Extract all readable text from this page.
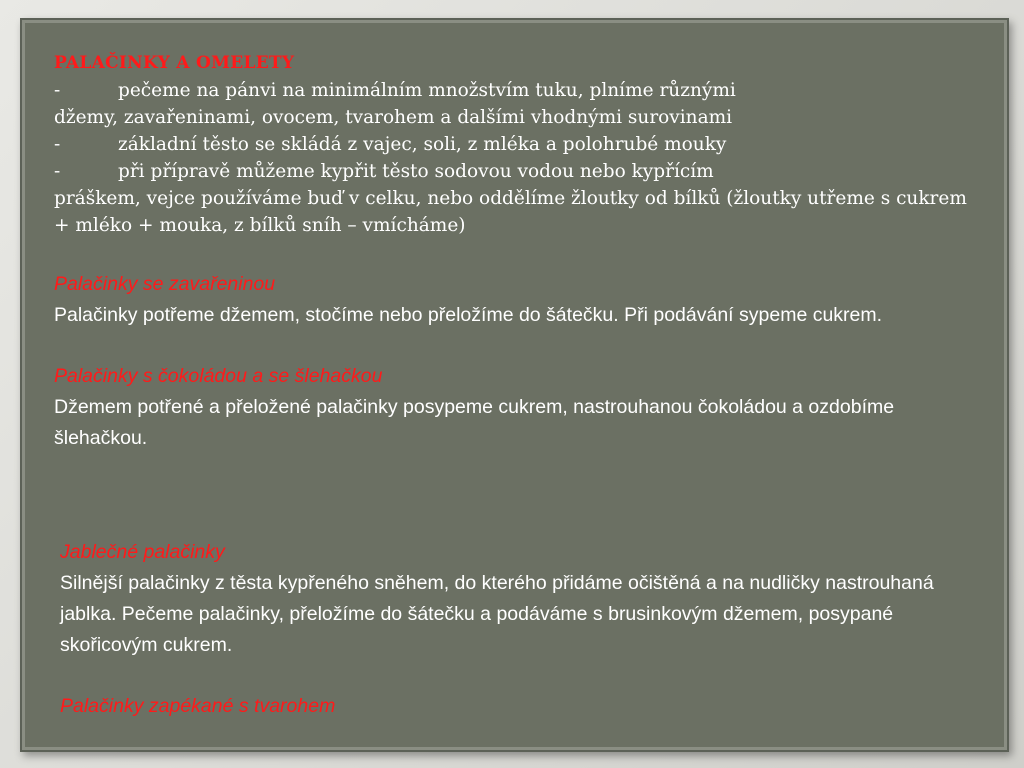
PALAČINKY A OMELETY
-	pečeme na pánvi na minimálním množstvím tuku, plníme různými
džemy, zavařeninami, ovocem, tvarohem a dalšími vhodnými surovinami
-	základní těsto se skládá z vajec, soli, z mléka a polohrubé mouky
-	při přípravě můžeme kypřit těsto sodovou vodou nebo kypřícím
práškem, vejce používáme buď v celku, nebo oddělíme žloutky od bílků (žloutky utřeme s cukrem + mléko + mouka, z bílků sníh – vmícháme)
Palačinky se zavařeninou
Palačinky potřeme džemem, stočíme nebo přeložíme do šátečku. Při podávání sypeme cukrem.
Palačinky s čokoládou a se šlehačkou
Džemem potřené a přeložené palačinky posypeme cukrem, nastrouhanou čokoládou a ozdobíme šlehačkou.
Jablečné palačinky
Silnější palačinky z těsta kypřeného sněhem, do kterého přidáme očištěná a na nudličky nastrouhaná jablka. Pečeme palačinky, přeložíme do šátečku a podáváme s brusinkovým džemem, posypané skořicovým cukrem.
Palačinky zapékané s tvarohem
